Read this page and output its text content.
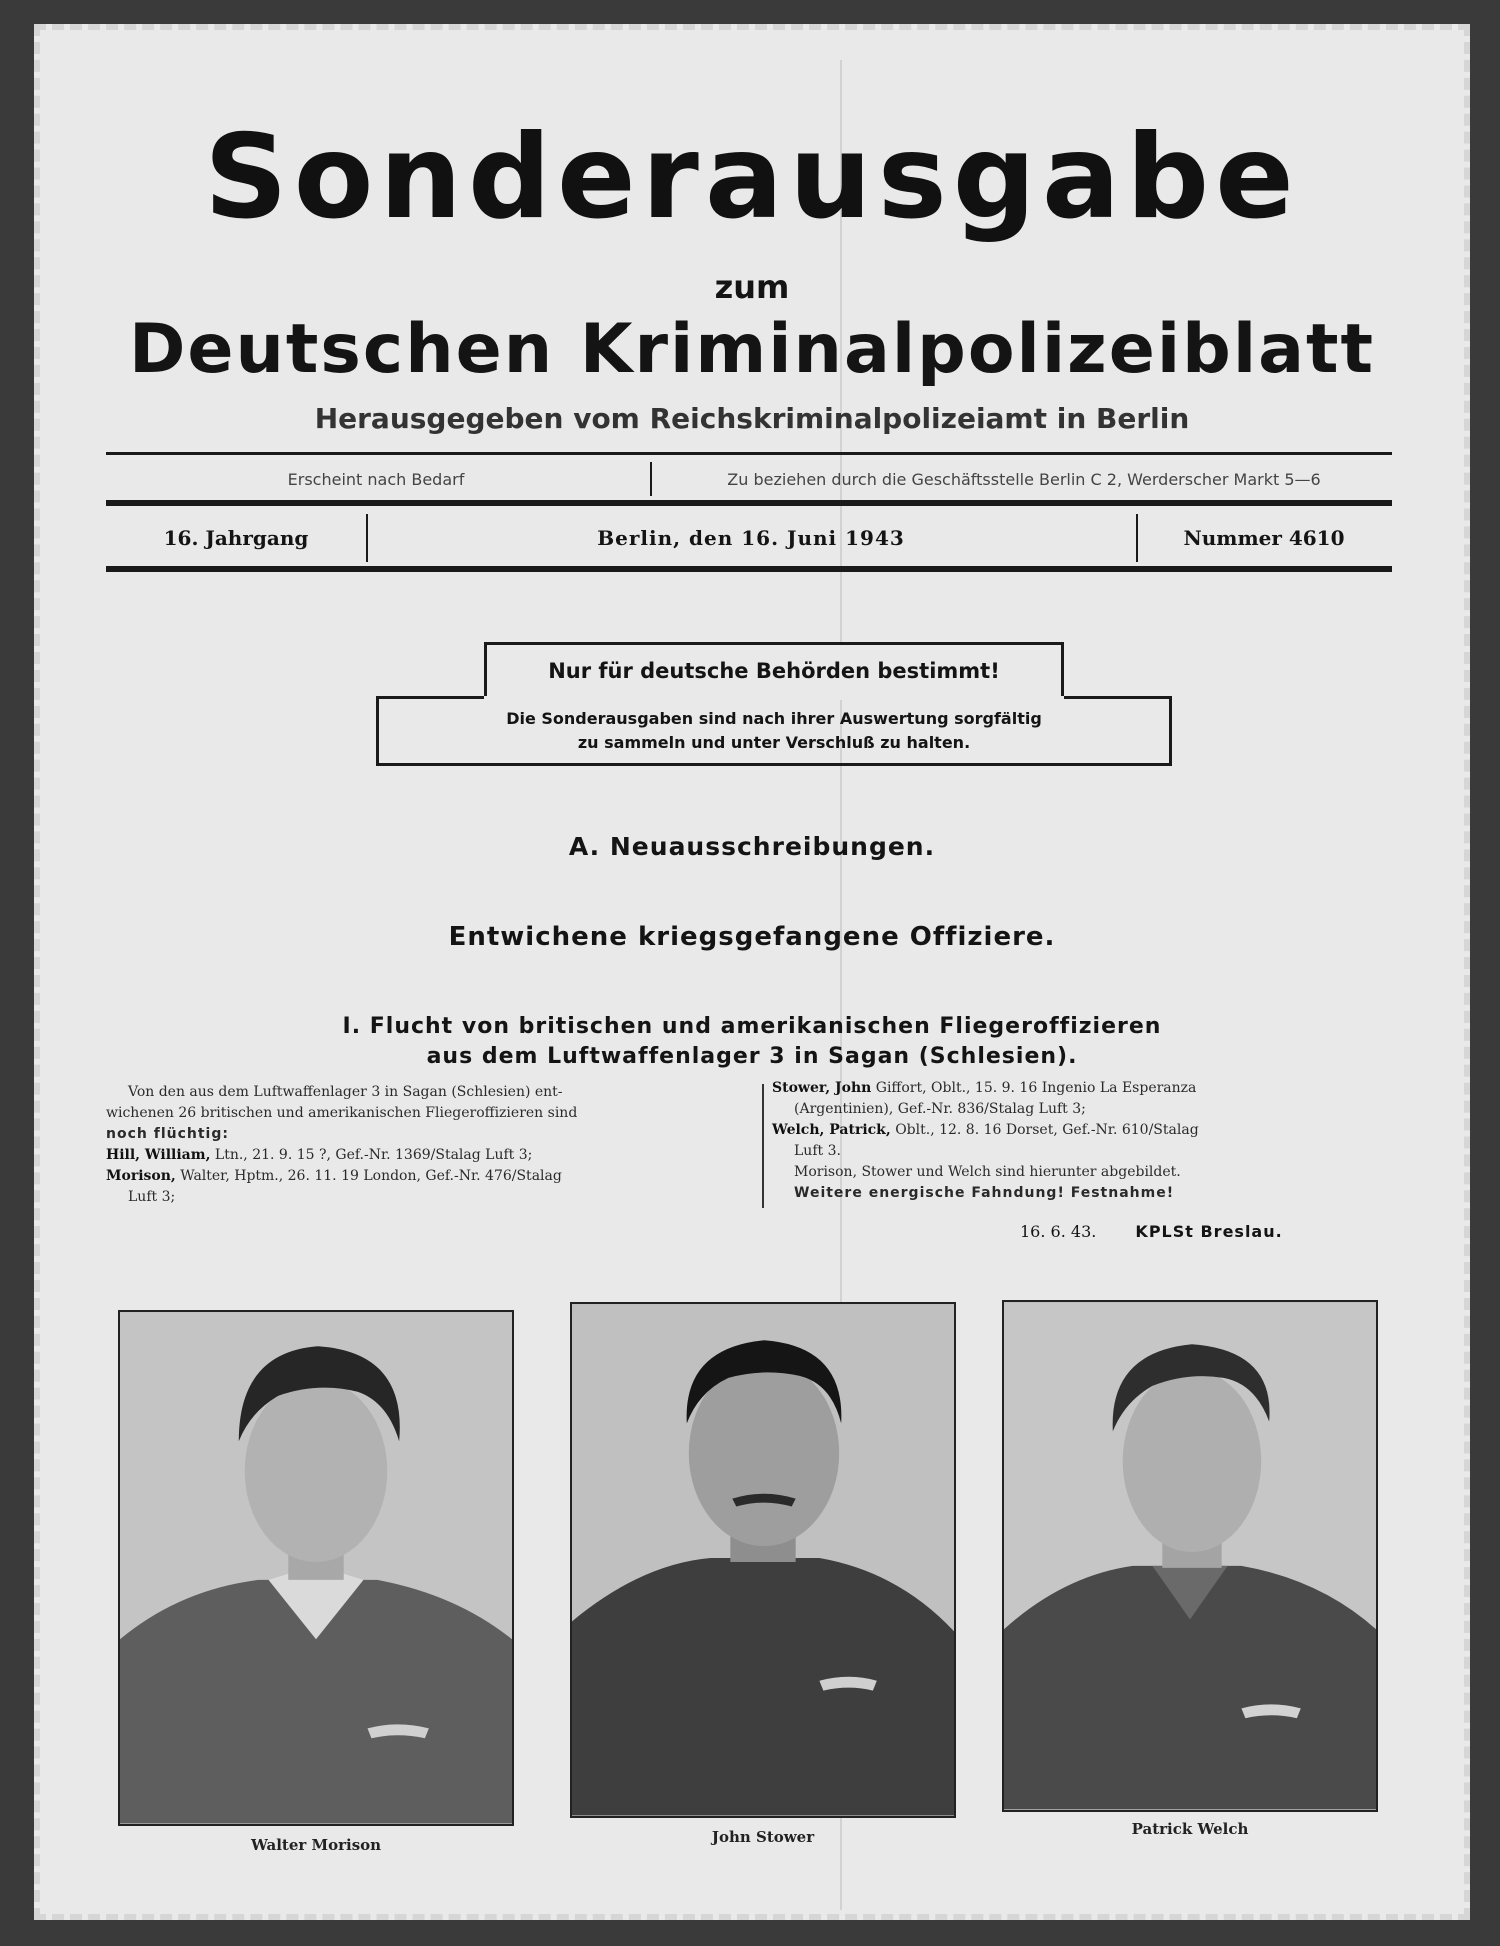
Sonderausgabe
zum
Deutschen Kriminalpolizeiblatt
Herausgegeben vom Reichskriminalpolizeiamt in Berlin
Erscheint nach Bedarf	Zu beziehen durch die Geschäftsstelle Berlin C 2, Werderscher Markt 5—6
16. Jahrgang	Berlin, den 16. Juni 1943	Nummer 4610
Nur für deutsche Behörden bestimmt!
Die Sonderausgaben sind nach ihrer Auswertung sorgfältig
zu sammeln und unter Verschluß zu halten.
A. Neuausschreibungen.
Entwichene kriegsgefangene Offiziere.
I. Flucht von britischen und amerikanischen Fliegeroffizieren
aus dem Luftwaffenlager 3 in Sagan (Schlesien).
Von den aus dem Luftwaffenlager 3 in Sagan (Schlesien) ent-
wichenen 26 britischen und amerikanischen Fliegeroffizieren sind
noch flüchtig:
Hill, William, Ltn., 21. 9. 15 ?, Gef.-Nr. 1369/Stalag Luft 3;
Morison, Walter, Hptm., 26. 11. 19 London, Gef.-Nr. 476/Stalag
Luft 3;
Stower, John Giffort, Oblt., 15. 9. 16 Ingenio La Esperanza
(Argentinien), Gef.-Nr. 836/Stalag Luft 3;
Welch, Patrick, Oblt., 12. 8. 16 Dorset, Gef.-Nr. 610/Stalag
Luft 3.
Morison, Stower und Welch sind hierunter abgebildet.
Weitere energische Fahndung! Festnahme!
16. 6. 43. KPLSt Breslau.
Walter Morison	John Stower	Patrick Welch
